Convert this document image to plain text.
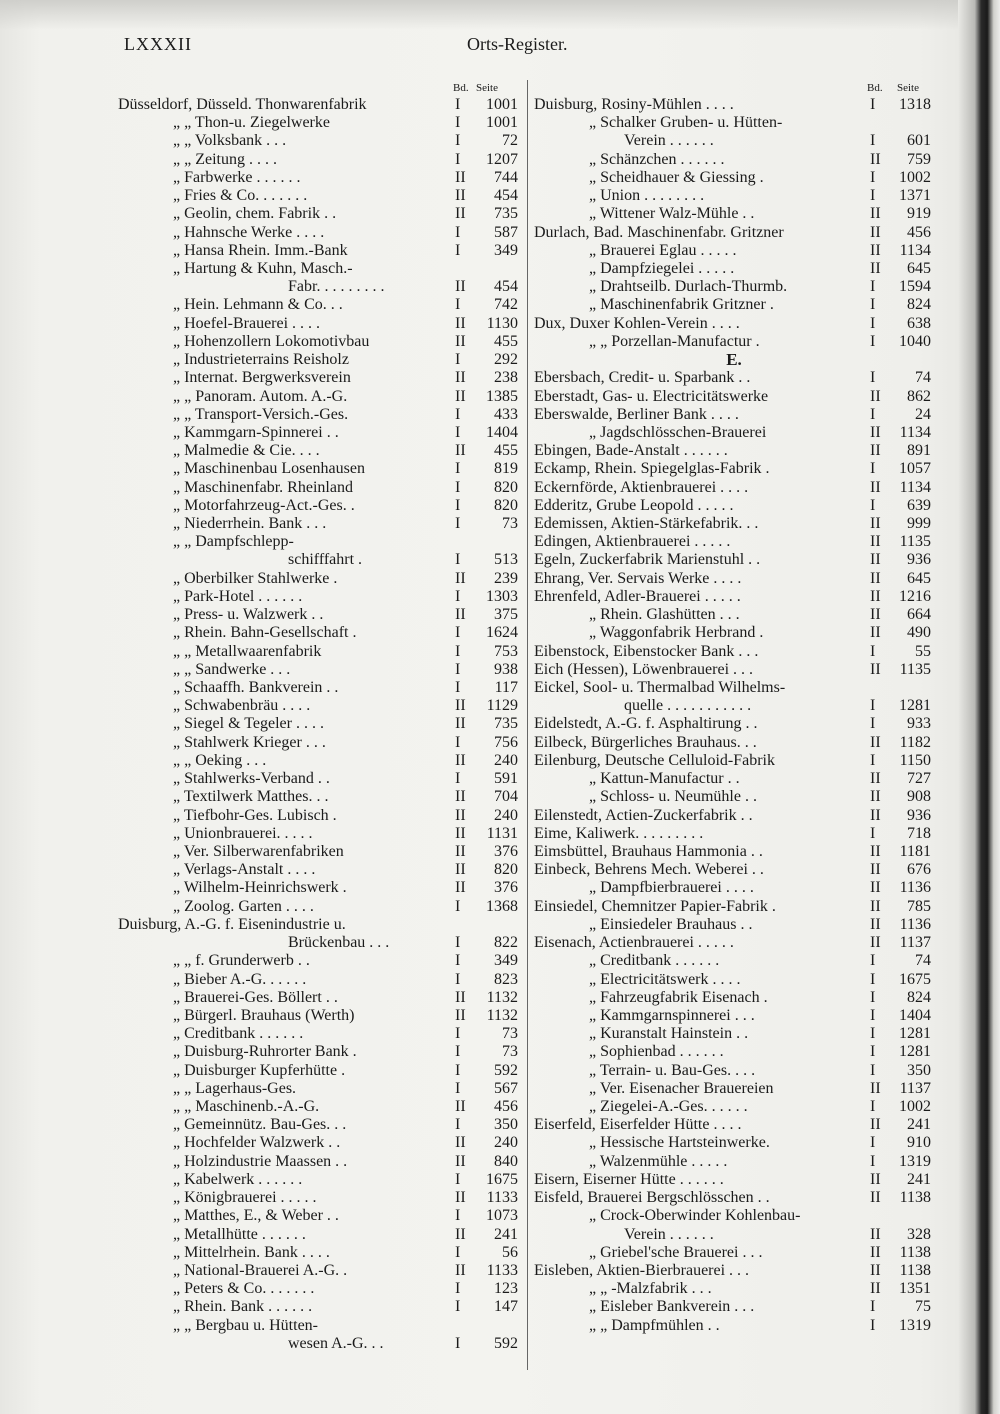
LXXXII	Orts-Register.
Bd. Seite
Düsseldorf, Düsseld. Thonwarenfabrik	I	1001
„ „ Thon-u. Ziegelwerke	I	1001
„ „ Volksbank . . .	I	72
„ „ Zeitung . . . .	I	1207
„ Farbwerke . . . . . .	II	744
„ Fries & Co. . . . . . .	II	454
„ Geolin, chem. Fabrik . .	II	735
„ Hahnsche Werke . . . .	I	587
„ Hansa Rhein. Imm.-Bank	I	349
„ Hartung & Kuhn, Masch.-
Fabr. . . . . . . . .	II	454
„ Hein. Lehmann & Co. . .	I	742
„ Hoefel-Brauerei . . . .	II	1130
„ Hohenzollern Lokomotivbau	II	455
„ Industrieterrains Reisholz	I	292
„ Internat. Bergwerksverein	II	238
„ „ Panoram. Autom. A.-G.	II	1385
„ „ Transport-Versich.-Ges.	I	433
„ Kammgarn-Spinnerei . .	I	1404
„ Malmedie & Cie. . . .	II	455
„ Maschinenbau Losenhausen	I	819
„ Maschinenfabr. Rheinland	I	820
„ Motorfahrzeug-Act.-Ges. .	I	820
„ Niederrhein. Bank . . .	I	73
„ „ Dampfschlepp-
schifffahrt .	I	513
„ Oberbilker Stahlwerke .	II	239
„ Park-Hotel . . . . . .	I	1303
„ Press- u. Walzwerk . .	II	375
„ Rhein. Bahn-Gesellschaft .	I	1624
„ „ Metallwaarenfabrik	I	753
„ „ Sandwerke . . .	I	938
„ Schaaffh. Bankverein . .	I	117
„ Schwabenbräu . . . .	II	1129
„ Siegel & Tegeler . . . .	II	735
„ Stahlwerk Krieger . . .	I	756
„ „ Oeking . . .	II	240
„ Stahlwerks-Verband . .	I	591
„ Textilwerk Matthes. . .	II	704
„ Tiefbohr-Ges. Lubisch .	II	240
„ Unionbrauerei. . . . .	II	1131
„ Ver. Silberwarenfabriken	II	376
„ Verlags-Anstalt . . . .	II	820
„ Wilhelm-Heinrichswerk .	II	376
„ Zoolog. Garten . . . .	I	1368
Duisburg, A.-G. f. Eisenindustrie u.
Brückenbau . . .	I	822
„ „ f. Grunderwerb . .	I	349
„ Bieber A.-G. . . . . .	I	823
„ Brauerei-Ges. Böllert . .	II	1132
„ Bürgerl. Brauhaus (Werth)	II	1132
„ Creditbank . . . . . .	I	73
„ Duisburg-Ruhrorter Bank .	I	73
„ Duisburger Kupferhütte .	I	592
„ „ Lagerhaus-Ges.	I	567
„ „ Maschinenb.-A.-G.	II	456
„ Gemeinnütz. Bau-Ges. . .	I	350
„ Hochfelder Walzwerk . .	II	240
„ Holzindustrie Maassen . .	II	840
„ Kabelwerk . . . . . .	I	1675
„ Königbrauerei . . . . .	II	1133
„ Matthes, E., & Weber . .	I	1073
„ Metallhütte . . . . . .	II	241
„ Mittelrhein. Bank . . . .	I	56
„ National-Brauerei A.-G. .	II	1133
„ Peters & Co. . . . . . .	I	123
„ Rhein. Bank . . . . . .	I	147
„ „ Bergbau u. Hütten-
wesen A.-G. . .	I	592
Bd. Seite
Duisburg, Rosiny-Mühlen . . . .	I	1318
„ Schalker Gruben- u. Hütten-
Verein . . . . . .	I	601
„ Schänzchen . . . . . .	II	759
„ Scheidhauer & Giessing .	I	1002
„ Union . . . . . . . .	I	1371
„ Wittener Walz-Mühle . .	II	919
Durlach, Bad. Maschinenfabr. Gritzner	II	456
„ Brauerei Eglau . . . . .	II	1134
„ Dampfziegelei . . . . .	II	645
„ Drahtseilb. Durlach-Thurmb.	I	1594
„ Maschinenfabrik Gritzner .	I	824
Dux, Duxer Kohlen-Verein . . . .	I	638
„ „ Porzellan-Manufactur .	I	1040
E.
Ebersbach, Credit- u. Sparbank . .	I	74
Eberstadt, Gas- u. Electricitätswerke	II	862
Eberswalde, Berliner Bank . . . .	I	24
„ Jagdschlösschen-Brauerei	II	1134
Ebingen, Bade-Anstalt . . . . . .	II	891
Eckamp, Rhein. Spiegelglas-Fabrik .	I	1057
Eckernförde, Aktienbrauerei . . . .	II	1134
Edderitz, Grube Leopold . . . . .	I	639
Edemissen, Aktien-Stärkefabrik. . .	II	999
Edingen, Aktienbrauerei . . . . .	II	1135
Egeln, Zuckerfabrik Marienstuhl . .	II	936
Ehrang, Ver. Servais Werke . . . .	II	645
Ehrenfeld, Adler-Brauerei . . . . .	II	1216
„ Rhein. Glashütten . . .	II	664
„ Waggonfabrik Herbrand .	II	490
Eibenstock, Eibenstocker Bank . . .	I	55
Eich (Hessen), Löwenbrauerei . . .	II	1135
Eickel, Sool- u. Thermalbad Wilhelms-
quelle . . . . . . . . . . .	I	1281
Eidelstedt, A.-G. f. Asphaltirung . .	I	933
Eilbeck, Bürgerliches Brauhaus. . .	II	1182
Eilenburg, Deutsche Celluloid-Fabrik	I	1150
„ Kattun-Manufactur . .	II	727
„ Schloss- u. Neumühle . .	II	908
Eilenstedt, Actien-Zuckerfabrik . .	II	936
Eime, Kaliwerk. . . . . . . . .	I	718
Eimsbüttel, Brauhaus Hammonia . .	II	1181
Einbeck, Behrens Mech. Weberei . .	II	676
„ Dampfbierbrauerei . . . .	II	1136
Einsiedel, Chemnitzer Papier-Fabrik .	II	785
„ Einsiedeler Brauhaus . .	II	1136
Eisenach, Actienbrauerei . . . . .	II	1137
„ Creditbank . . . . . .	I	74
„ Electricitätswerk . . . .	I	1675
„ Fahrzeugfabrik Eisenach .	I	824
„ Kammgarnspinnerei . . .	I	1404
„ Kuranstalt Hainstein . .	I	1281
„ Sophienbad . . . . . .	I	1281
„ Terrain- u. Bau-Ges. . . .	I	350
„ Ver. Eisenacher Brauereien	II	1137
„ Ziegelei-A.-Ges. . . . . .	I	1002
Eiserfeld, Eiserfelder Hütte . . . .	II	241
„ Hessische Hartsteinwerke.	I	910
„ Walzenmühle . . . . .	I	1319
Eisern, Eiserner Hütte . . . . . .	II	241
Eisfeld, Brauerei Bergschlösschen . .	II	1138
„ Crock-Oberwinder Kohlenbau-
Verein . . . . . .	II	328
„ Griebel'sche Brauerei . . .	II	1138
Eisleben, Aktien-Bierbrauerei . . .	II	1138
„ „ -Malzfabrik . . .	II	1351
„ Eisleber Bankverein . . .	I	75
„ „ Dampfmühlen . .	I	1319
